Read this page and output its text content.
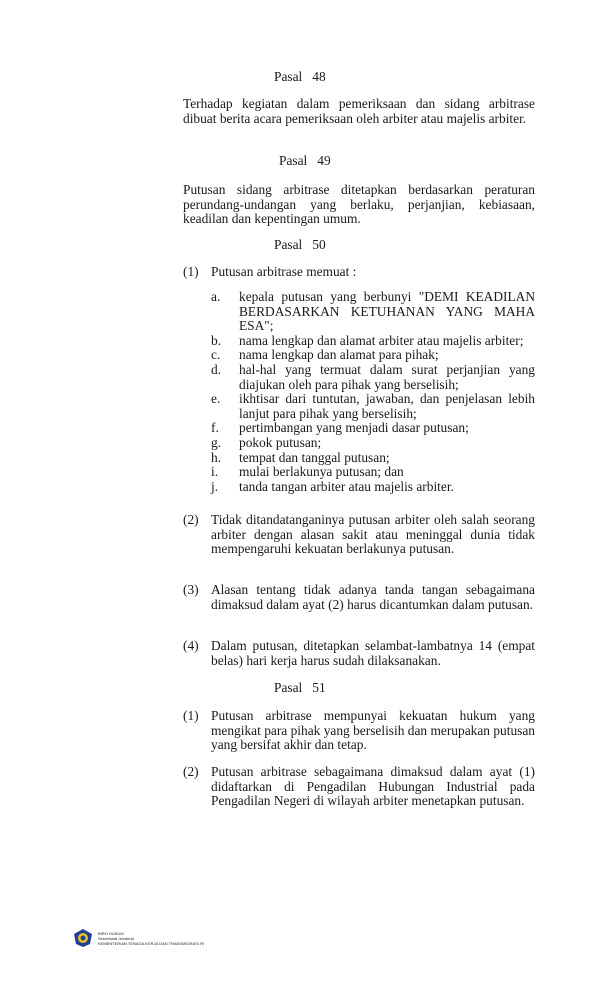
Pasal   48
Terhadap kegiatan dalam pemeriksaan dan sidang arbitrase dibuat berita acara pemeriksaan oleh arbiter atau majelis arbiter.
Pasal   49
Putusan sidang arbitrase ditetapkan berdasarkan peraturan perundang-undangan yang berlaku, perjanjian, kebiasaan, keadilan dan kepentingan umum.
Pasal   50
(1) Putusan arbitrase memuat :
a. kepala putusan yang berbunyi "DEMI KEADILAN BERDASARKAN KETUHANAN YANG MAHA ESA";
b. nama lengkap dan alamat arbiter atau majelis arbiter;
c. nama lengkap dan alamat para pihak;
d. hal-hal yang termuat dalam surat perjanjian yang diajukan oleh para pihak yang berselisih;
e. ikhtisar dari tuntutan, jawaban, dan penjelasan lebih lanjut para pihak yang berselisih;
f. pertimbangan yang menjadi dasar putusan;
g. pokok putusan;
h. tempat dan tanggal putusan;
i. mulai berlakunya putusan; dan
j. tanda tangan arbiter atau majelis arbiter.
(2) Tidak ditandatanganinya putusan arbiter oleh salah seorang arbiter dengan alasan sakit atau meninggal dunia tidak mempengaruhi kekuatan berlakunya putusan.
(3) Alasan tentang tidak adanya tanda tangan sebagaimana dimaksud dalam ayat (2) harus dicantumkan dalam putusan.
(4) Dalam putusan, ditetapkan selambat-lambatnya 14 (empat belas) hari kerja harus sudah dilaksanakan.
Pasal   51
(1) Putusan arbitrase mempunyai kekuatan hukum yang mengikat para pihak yang berselisih dan merupakan putusan yang bersifat akhir dan tetap.
(2) Putusan arbitrase sebagaimana dimaksud dalam ayat (1) didaftarkan di Pengadilan Hubungan Industrial pada Pengadilan Negeri di wilayah arbiter menetapkan putusan.
BIRO HUKUM
Sekretariat Jenderal
KEMENTERIAN TENAGA KERJA DAN TRANSMIGRASI RI
